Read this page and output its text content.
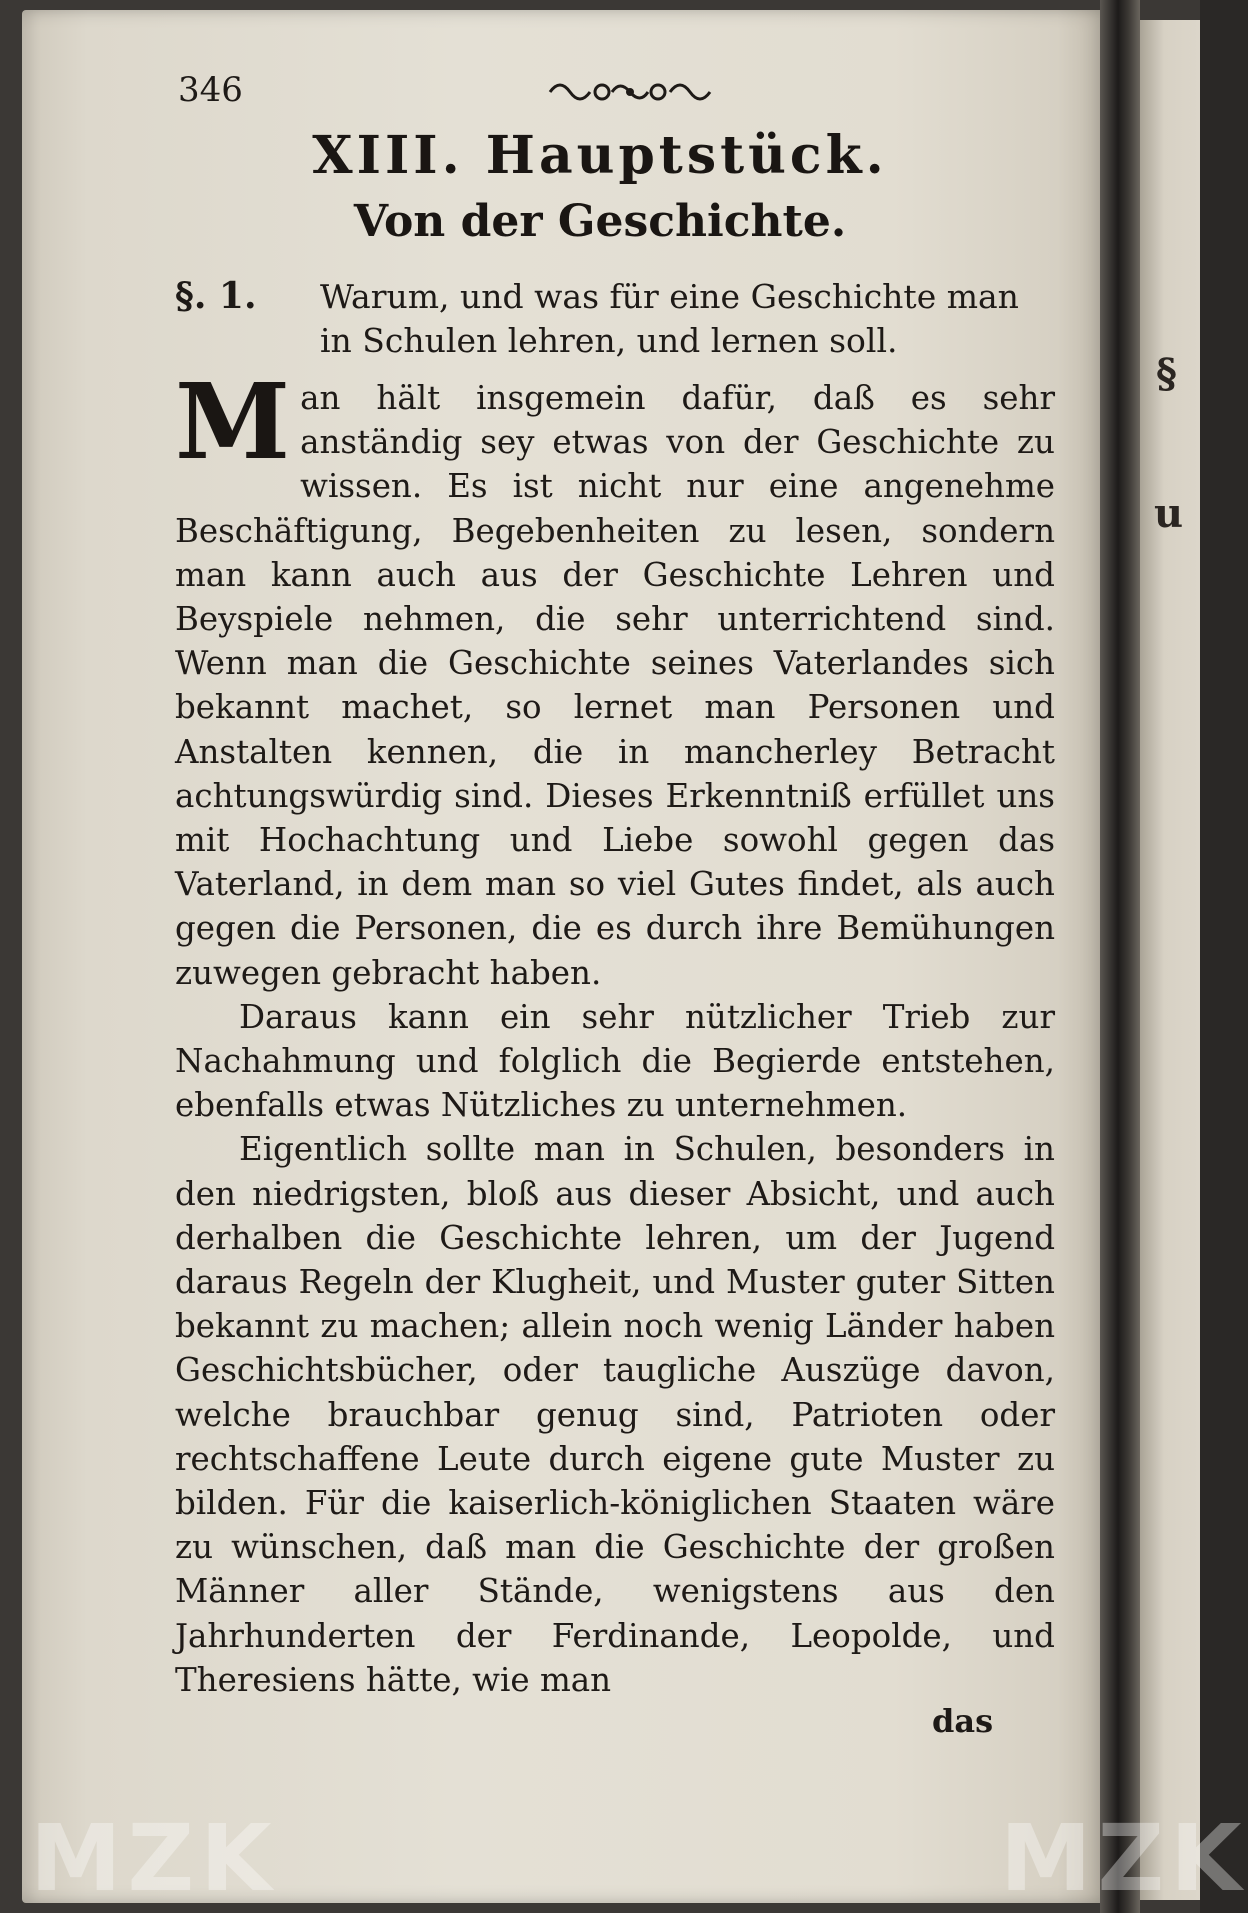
§
u
346
XIII. Hauptstück.
Von der Geschichte.
§. 1. Warum, und was für eine Geschichte man in Schulen lehren, und lernen soll.

Man hält insgemein dafür, daß es sehr anständig sey etwas von der Geschichte zu wissen. Es ist nicht nur eine angenehme Beschäftigung, Begebenheiten zu lesen, sondern man kann auch aus der Geschichte Lehren und Beyspiele nehmen, die sehr unterrichtend sind. Wenn man die Geschichte seines Vaterlandes sich bekannt machet, so lernet man Personen und Anstalten kennen, die in mancherley Betracht achtungswürdig sind. Dieses Erkenntniß erfüllet uns mit Hochachtung und Liebe sowohl gegen das Vaterland, in dem man so viel Gutes findet, als auch gegen die Personen, die es durch ihre Bemühungen zuwegen gebracht haben.

Daraus kann ein sehr nützlicher Trieb zur Nachahmung und folglich die Begierde entstehen, ebenfalls etwas Nützliches zu unternehmen.

Eigentlich sollte man in Schulen, besonders in den niedrigsten, bloß aus dieser Absicht, und auch derhalben die Geschichte lehren, um der Jugend daraus Regeln der Klugheit, und Muster guter Sitten bekannt zu machen; allein noch wenig Länder haben Geschichtsbücher, oder taugliche Auszüge davon, welche brauchbar genug sind, Patrioten oder rechtschaffene Leute durch eigene gute Muster zu bilden. Für die kaiserlich-königlichen Staaten wäre zu wünschen, daß man die Geschichte der großen Männer aller Stände, wenigstens aus den Jahrhunderten der Ferdinande, Leopolde, und Theresiens hätte, wie man

das
MZK	MZK
